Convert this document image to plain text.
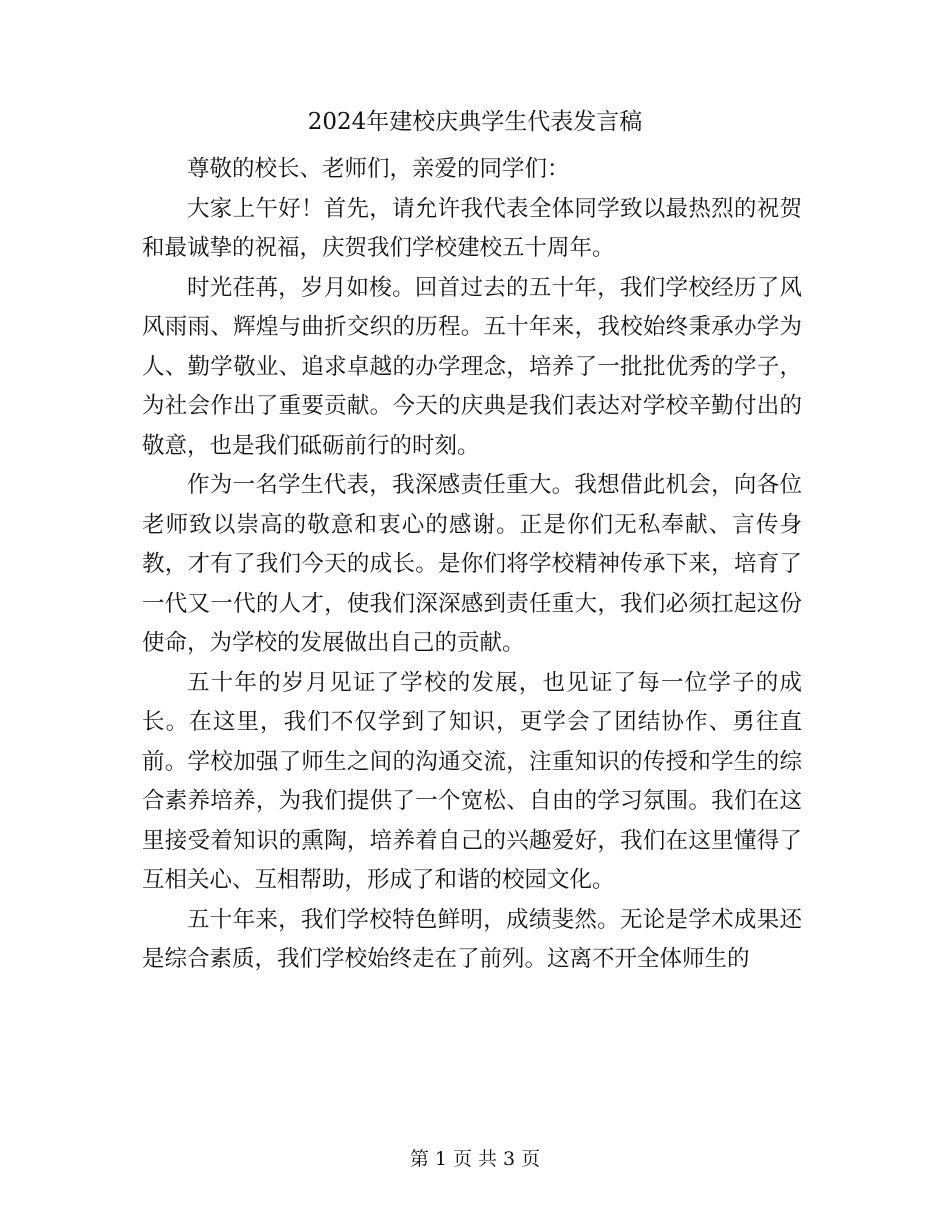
2024年建校庆典学生代表发言稿

尊敬的校长、老师们，亲爱的同学们：

大家上午好！首先，请允许我代表全体同学致以最热烈的祝贺和最诚挚的祝福，庆贺我们学校建校五十周年。

时光荏苒，岁月如梭。回首过去的五十年，我们学校经历了风风雨雨、辉煌与曲折交织的历程。五十年来，我校始终秉承办学为人、勤学敬业、追求卓越的办学理念，培养了一批批优秀的学子，为社会作出了重要贡献。今天的庆典是我们表达对学校辛勤付出的敬意，也是我们砥砺前行的时刻。

作为一名学生代表，我深感责任重大。我想借此机会，向各位老师致以崇高的敬意和衷心的感谢。正是你们无私奉献、言传身教，才有了我们今天的成长。是你们将学校精神传承下来，培育了一代又一代的人才，使我们深深感到责任重大，我们必须扛起这份使命，为学校的发展做出自己的贡献。

五十年的岁月见证了学校的发展，也见证了每一位学子的成长。在这里，我们不仅学到了知识，更学会了团结协作、勇往直前。学校加强了师生之间的沟通交流，注重知识的传授和学生的综合素养培养，为我们提供了一个宽松、自由的学习氛围。我们在这里接受着知识的熏陶，培养着自己的兴趣爱好，我们在这里懂得了互相关心、互相帮助，形成了和谐的校园文化。

五十年来，我们学校特色鲜明，成绩斐然。无论是学术成果还是综合素质，我们学校始终走在了前列。这离不开全体师生的

第 1 页 共 3 页
